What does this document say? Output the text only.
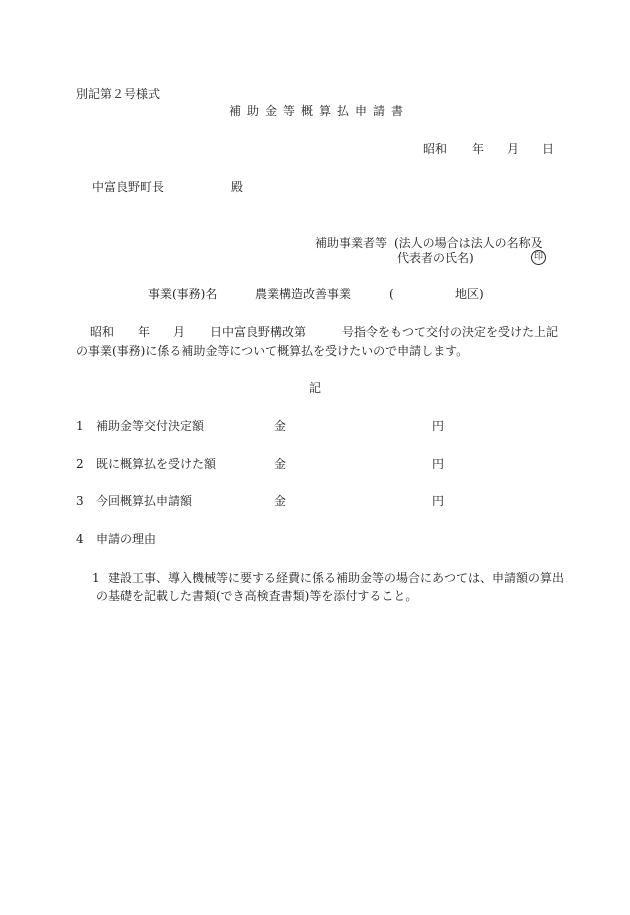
別記第２号様式
補助金等概算払申請書
昭和 年 月 日
中富良野町長	殿
補助事業者等 (法人の場合は法人の名称及
代表者の氏名)	印
事業(事務)名	農業構造改善事業	(	地区)
昭和 年 月 日中富良野構改第	号指令をもつて交付の決定を受けた上記
の事業(事務)に係る補助金等について概算払を受けたいので申請します。
記
1 補助金等交付決定額	金	円
2 既に概算払を受けた額	金	円
3 今回概算払申請額	金	円
4 申請の理由
1 建設工事、導入機械等に要する経費に係る補助金等の場合にあつては、申請額の算出
の基礎を記載した書類(でき高検査書類)等を添付すること。
